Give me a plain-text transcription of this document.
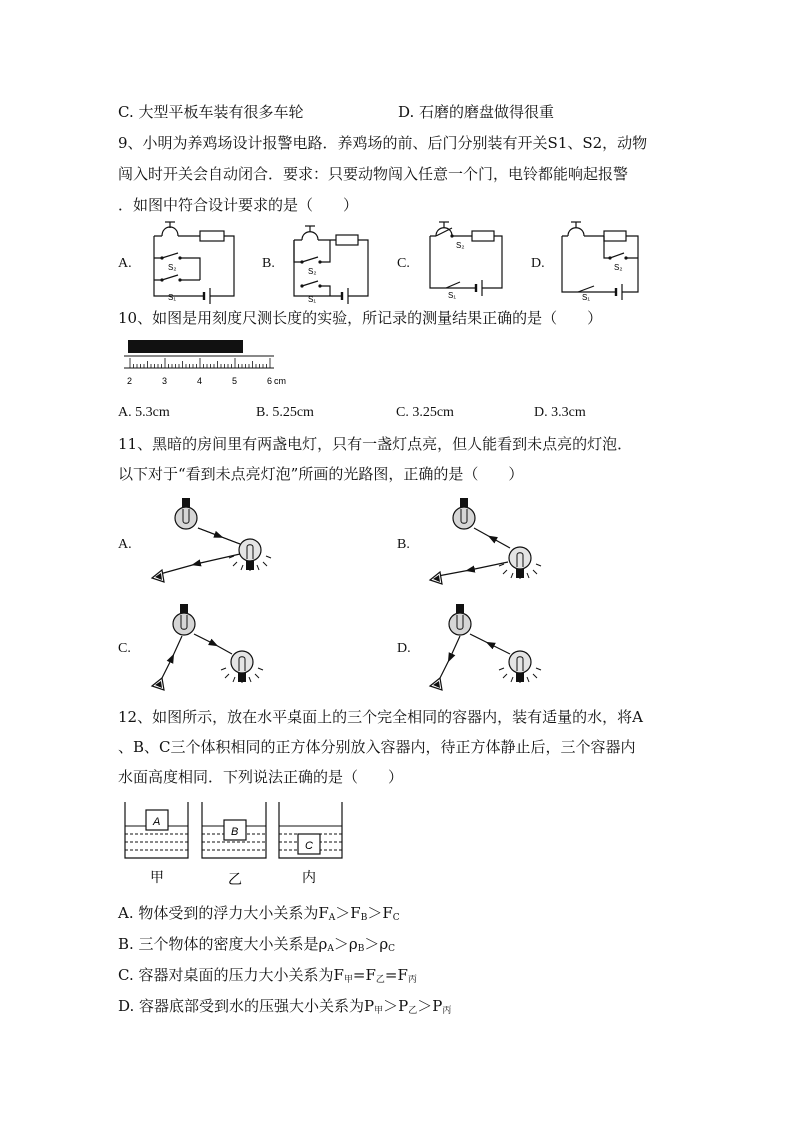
C. 大型平板车装有很多车轮	D. 石磨的磨盘做得很重
9、小明为养鸡场设计报警电路．养鸡场的前、后门分别装有开关S1、S2，动物
闯入时开关会自动闭合．要求：只要动物闯入任意一个门，电铃都能响起报警
．如图中符合设计要求的是（　　）
A.	B.	C.	D.
S₂
S₁
S₂
S₁
S₂
S₁
S₂
S₁
10、如图是用刻度尺测长度的实验，所记录的测量结果正确的是（　　）
2	3	4	5	6 cm
A. 5.3cm	B. 5.25cm	C. 3.25cm	D. 3.3cm
11、黑暗的房间里有两盏电灯，只有一盏灯点亮，但人能看到未点亮的灯泡．
以下对于“看到未点亮灯泡”所画的光路图，正确的是（　　）
A.	B.
C.	D.
12、如图所示，放在水平桌面上的三个完全相同的容器内，装有适量的水，将A
、B、C三个体积相同的正方体分别放入容器内，待正方体静止后，三个容器内
水面高度相同．下列说法正确的是（　　）
A
B
C
甲	乙	内
A. 物体受到的浮力大小关系为$F_A>F_B>F_C$
B. 三个物体的密度大小关系是$\rho_A>\rho_B>\rho_C$
C. 容器对桌面的压力大小关系为$F_甲=F_乙=F_丙$
D. 容器底部受到水的压强大小关系为$P_甲>P_乙>P_丙$
